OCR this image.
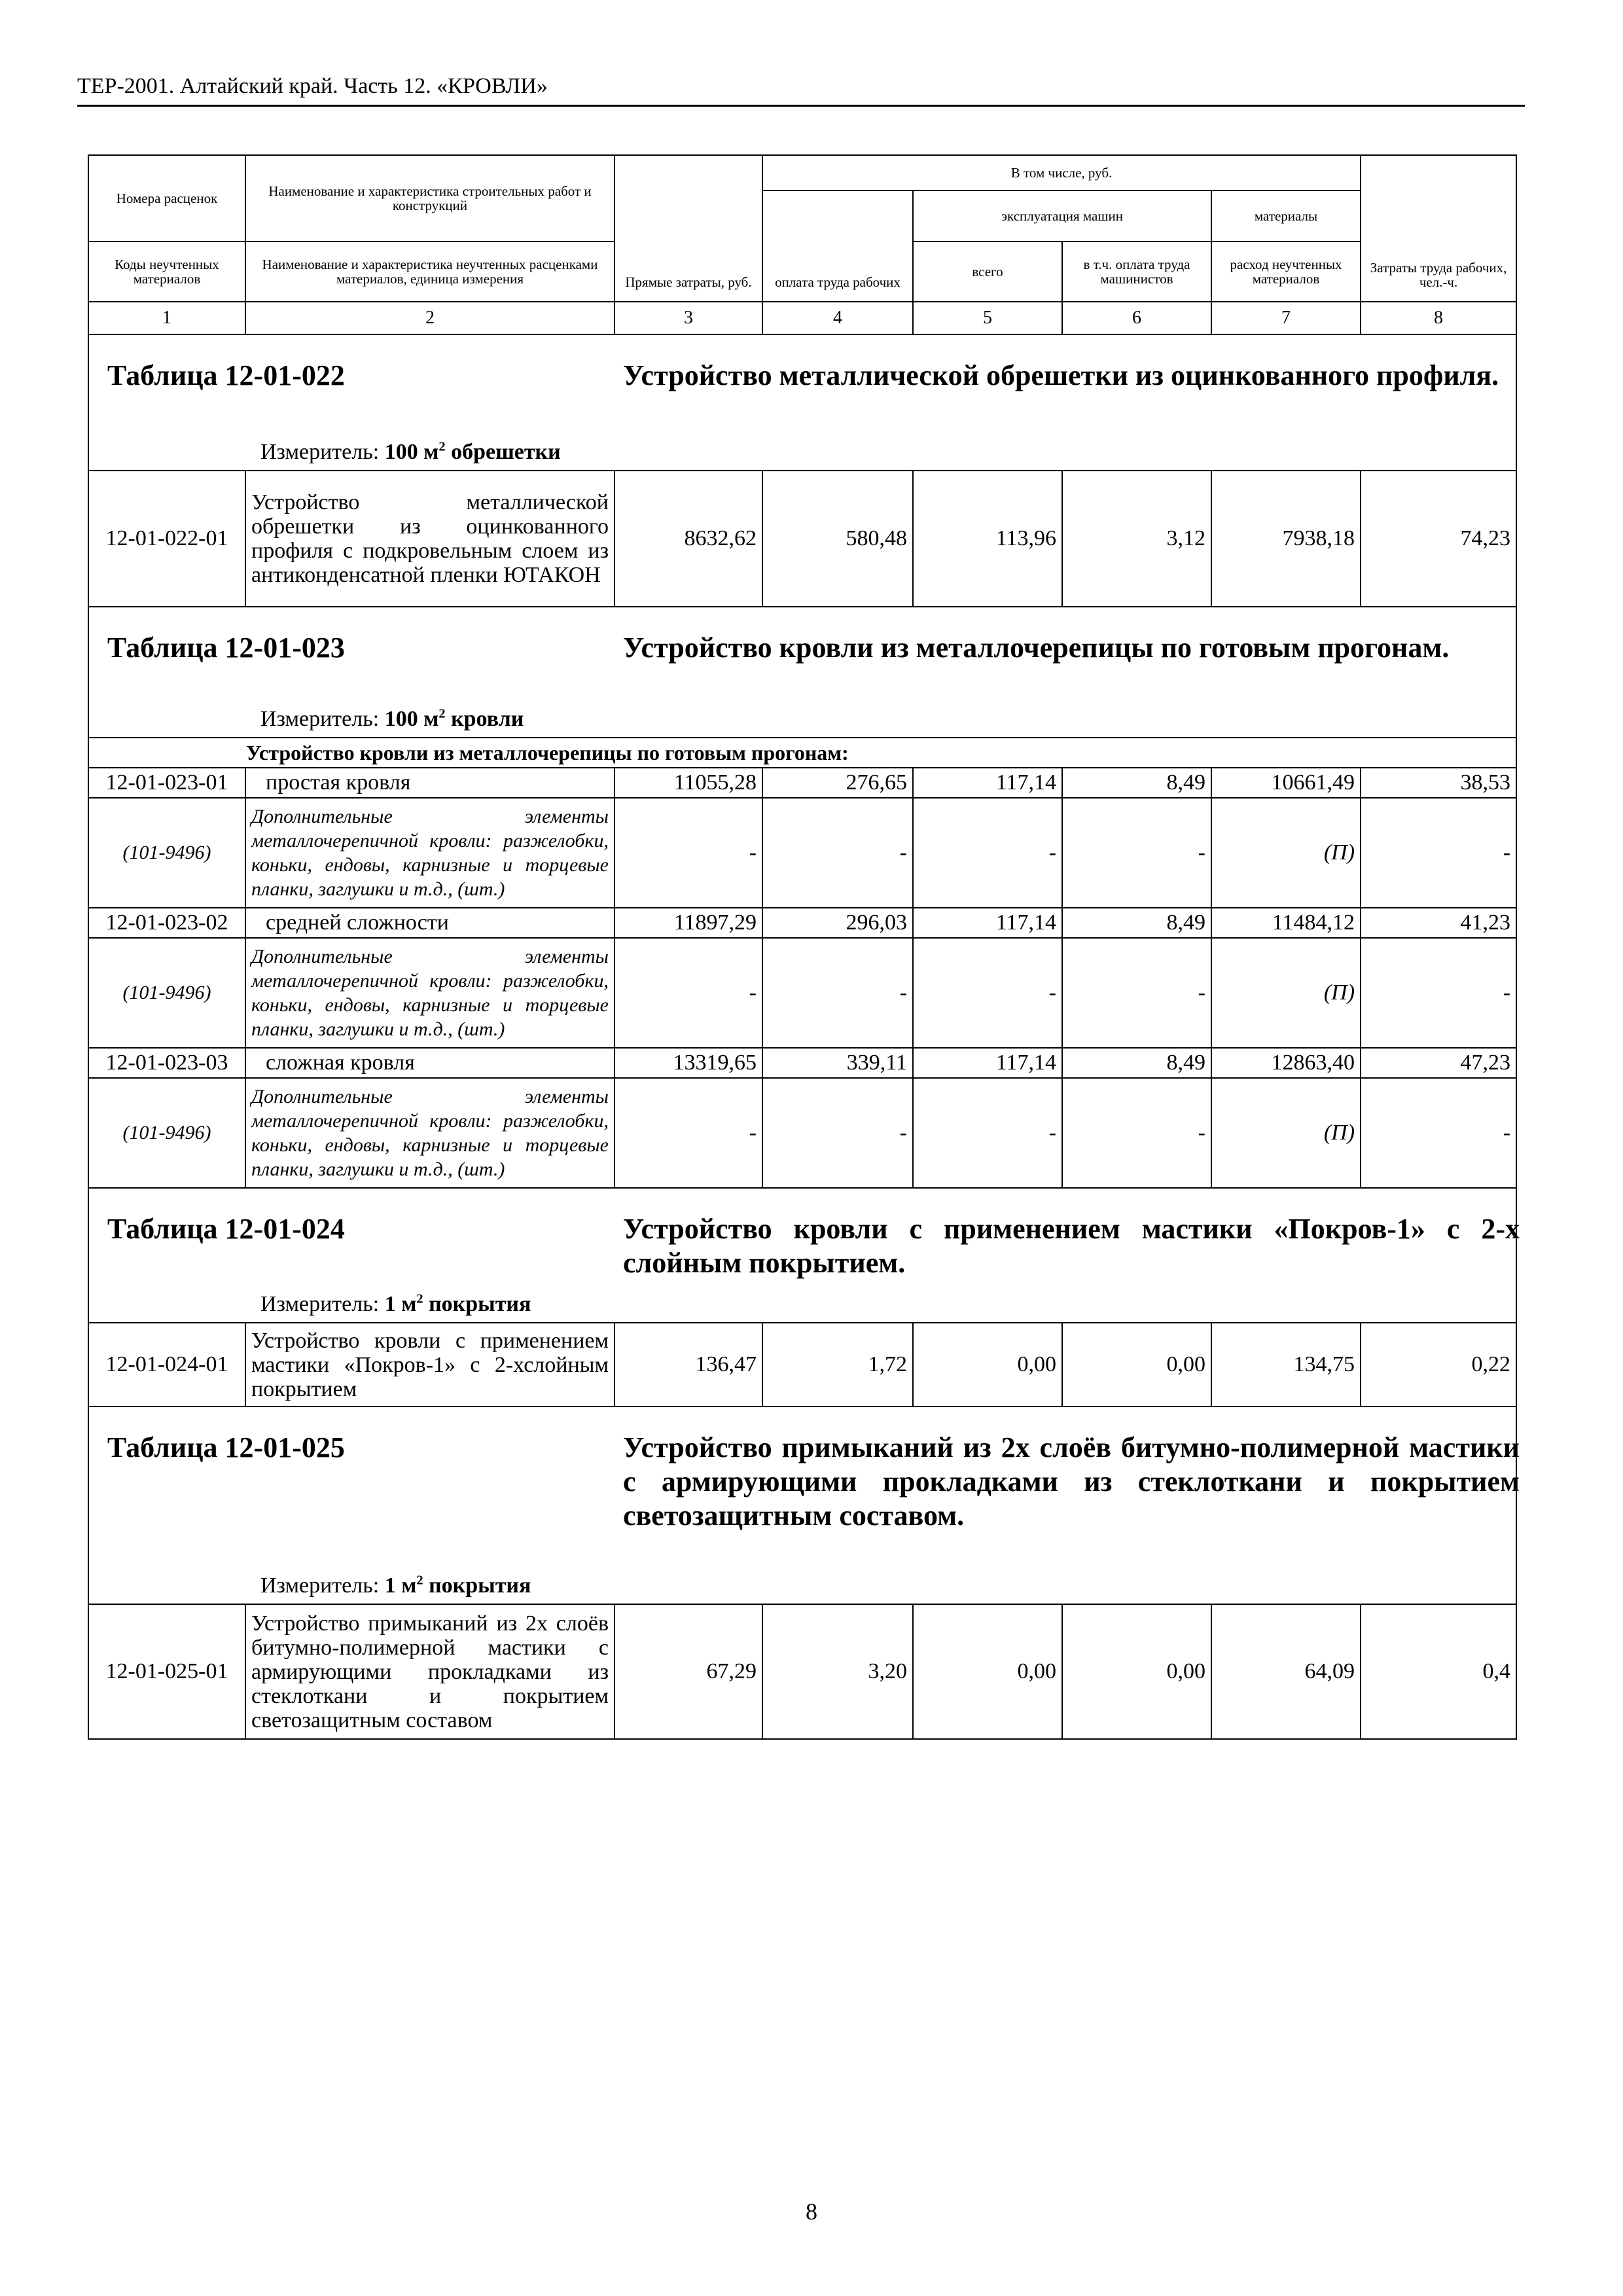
ТЕР-2001. Алтайский край. Часть 12. «КРОВЛИ»
Номера расценок	Наименование и характеристика строительных работ и конструкций	Прямые затраты, руб.	В том числе, руб.				Затраты труда рабочих, чел.-ч.
			оплата труда рабочих	эксплуатация машин		материалы	
Коды неучтенных материалов	Наименование и характеристика неучтенных расценками материалов, единица измерения			всего	в т.ч. оплата труда машинистов	расход неучтенных материалов	
1	2	3	4	5	6	7	8

Таблица 12-01-022 Устройство металлической обрешетки из оцинкованного профиля.
Измеритель: 100 $м^2$ обрешетки							

12-01-022-01	Устройство металлической обрешетки из оцинкованного профиля с подкровельным слоем из антиконденсатной пленки ЮТАКОН	8632,62	580,48	113,96	3,12	7938,18	74,23

Таблица 12-01-023 Устройство кровли из металлочерепицы по готовым прогонам.
Измеритель: 100 $м^2$ кровли							

Устройство кровли из металлочерепицы по готовым прогонам:							
12-01-023-01	простая кровля	11055,28	276,65	117,14	8,49	10661,49	38,53
(101-9496)	Дополнительные элементы металлочерепичной кровли: разжелобки, коньки, ендовы, карнизные и торцевые планки, заглушки и т.д., (шт.)	-	-	-	-	(П)	-
12-01-023-02	средней сложности	11897,29	296,03	117,14	8,49	11484,12	41,23
(101-9496)	Дополнительные элементы металлочерепичной кровли: разжелобки, коньки, ендовы, карнизные и торцевые планки, заглушки и т.д., (шт.)	-	-	-	-	(П)	-
12-01-023-03	сложная кровля	13319,65	339,11	117,14	8,49	12863,40	47,23
(101-9496)	Дополнительные элементы металлочерепичной кровли: разжелобки, коньки, ендовы, карнизные и торцевые планки, заглушки и т.д., (шт.)	-	-	-	-	(П)	-

Таблица 12-01-024 Устройство кровли с применением мастики «Покров-1» с 2-х слойным покрытием.
Измеритель: 1 $м^2$ покрытия							

12-01-024-01	Устройство кровли с применением мастики «Покров-1» с 2-хслойным покрытием	136,47	1,72	0,00	0,00	134,75	0,22

Таблица 12-01-025 Устройство примыканий из 2х слоёв битумно-полимерной мастики с армирующими прокладками из стеклоткани и покрытием светозащитным составом.
Измеритель: 1 $м^2$ покрытия							

12-01-025-01	Устройство примыканий из 2х слоёв битумно-полимерной мастики с армирующими прокладками из стеклоткани и покрытием светозащитным составом	67,29	3,20	0,00	0,00	64,09	0,4
8
